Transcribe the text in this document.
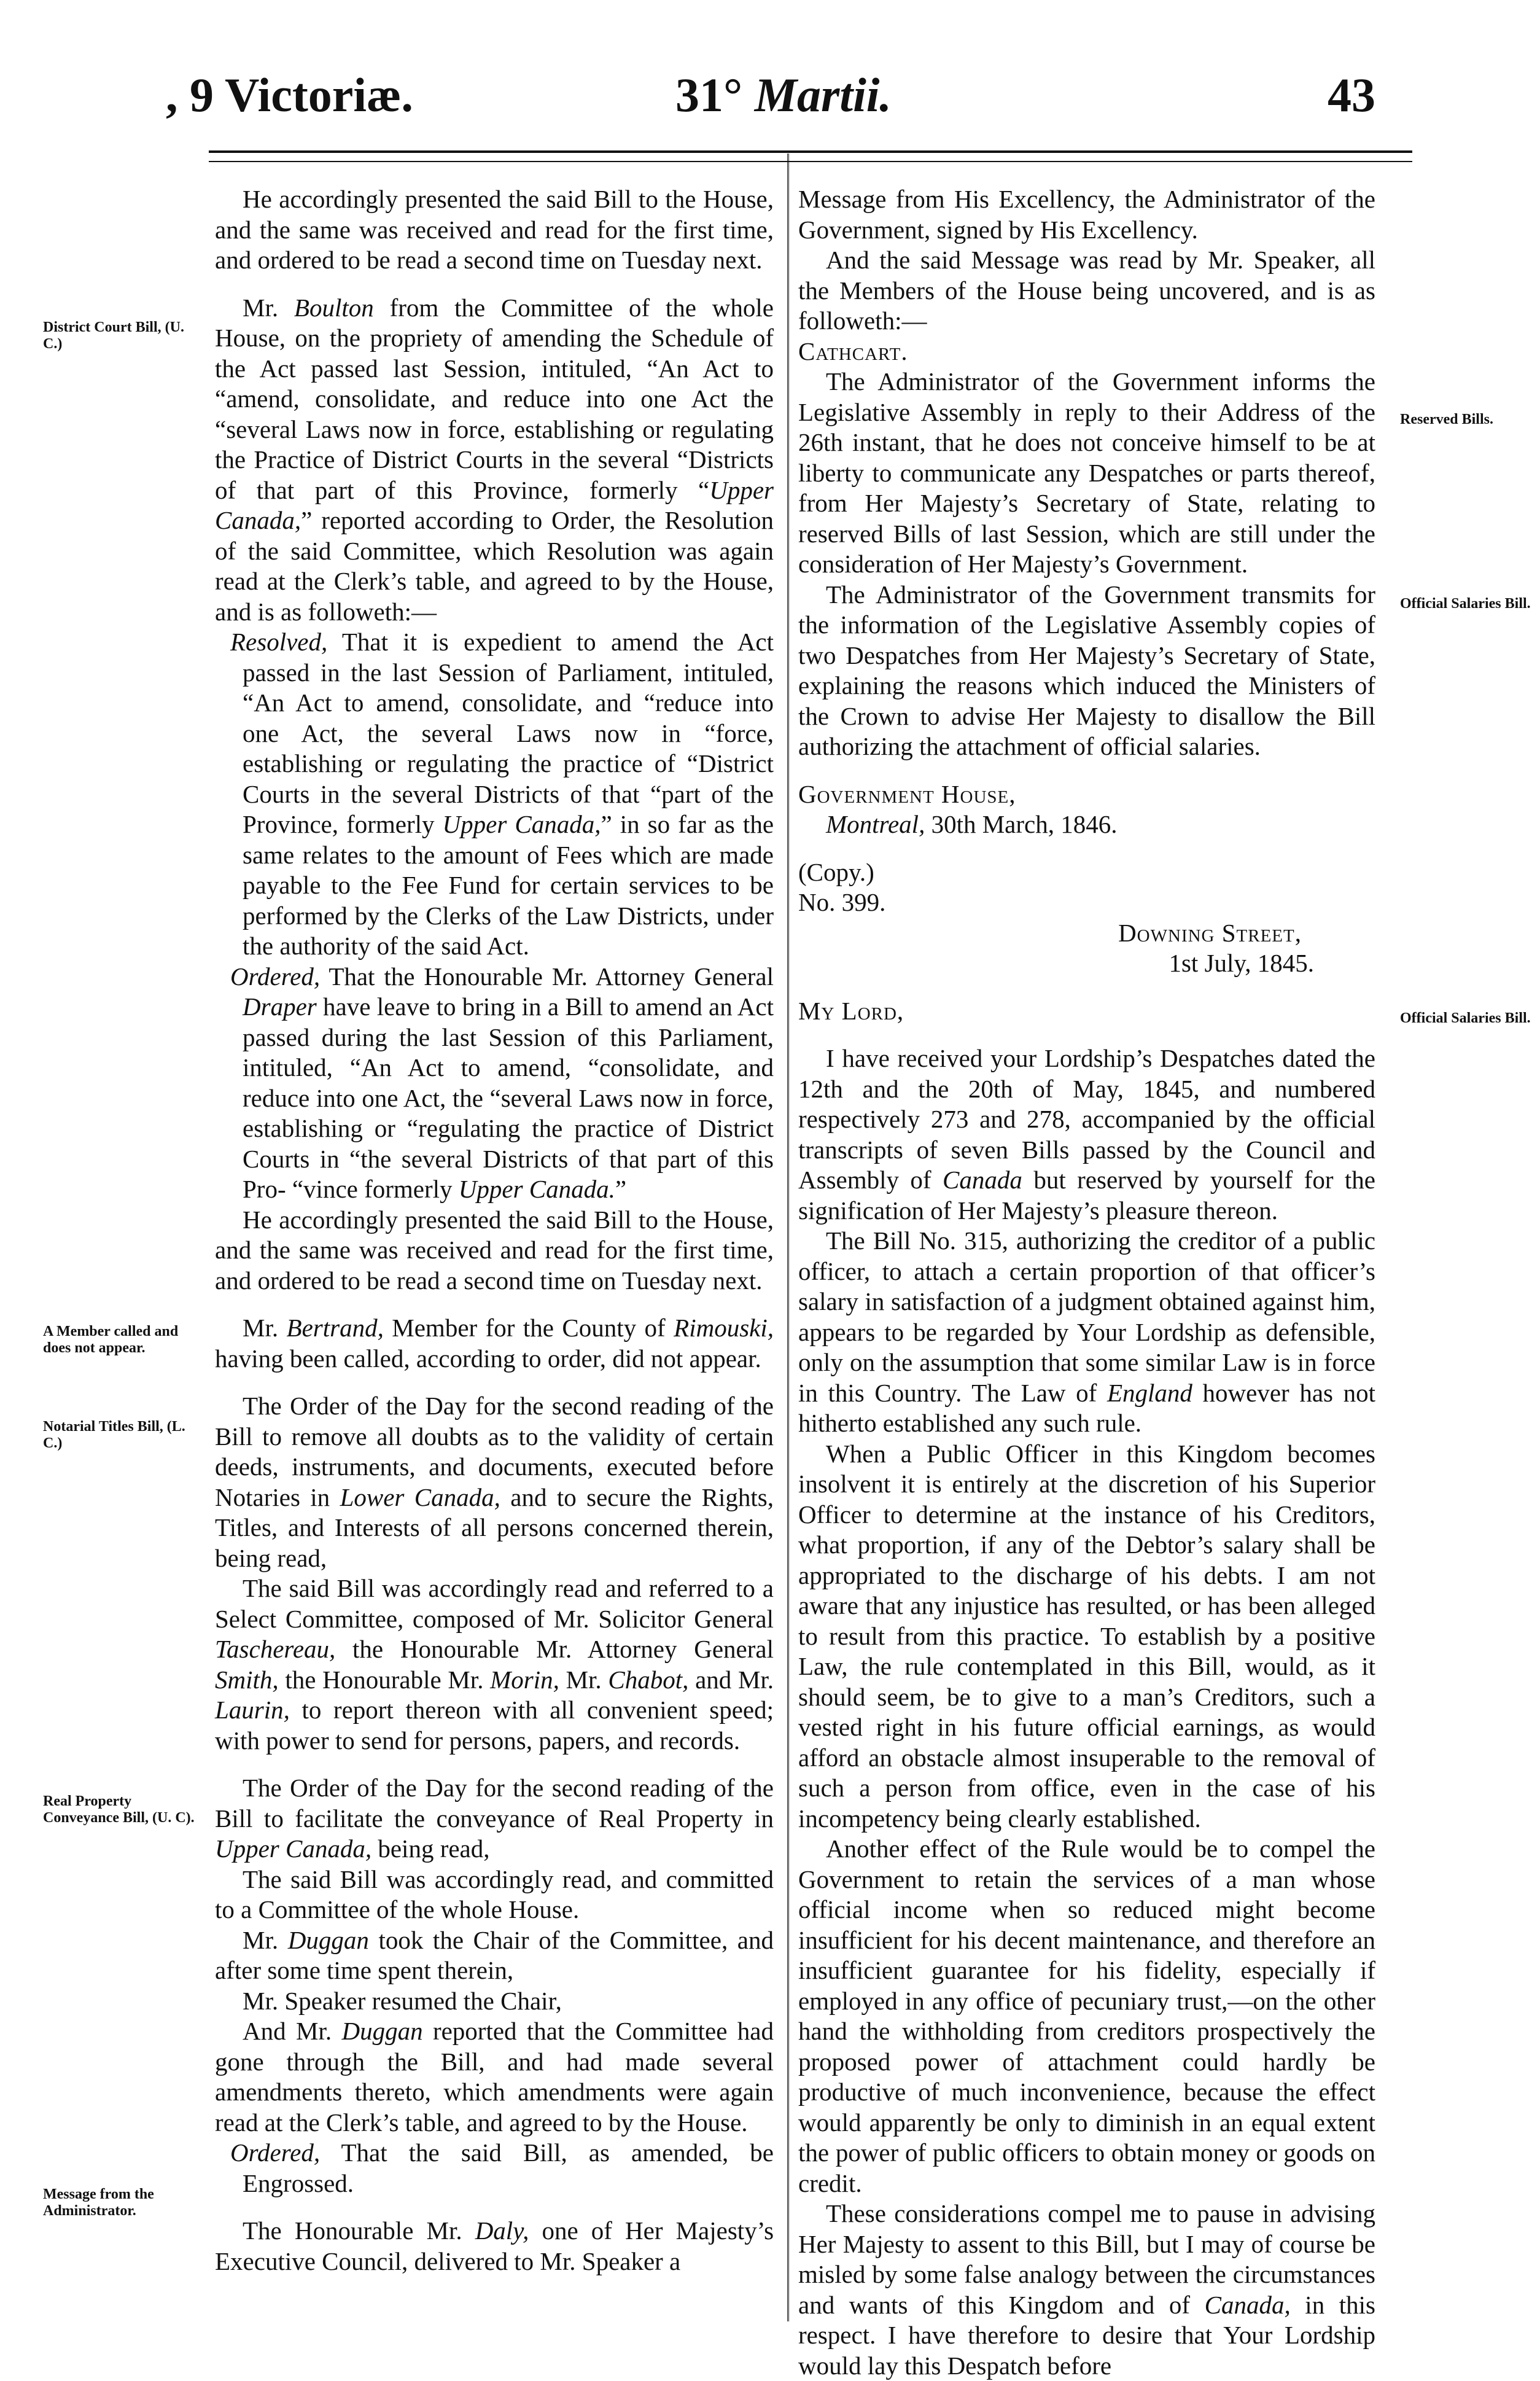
, 9 Victoriæ.	31° Martii.	43
District Court Bill, (U. C.)
A Member called and does not appear.
Notarial Titles Bill, (L. C.)
Real Property Conveyance Bill, (U. C).
Message from the Administrator.
Reserved Bills.
Official Salaries Bill.
Official Salaries Bill.

He accordingly presented the said Bill to the House, and the same was received and read for the first time, and ordered to be read a second time on Tuesday next.

Mr. Boulton from the Committee of the whole House, on the propriety of amending the Schedule of the Act passed last Session, intituled, “An Act to “amend, consolidate, and reduce into one Act the “several Laws now in force, establishing or regulating the Practice of District Courts in the several “Districts of that part of this Province, formerly “Upper Canada,” reported according to Order, the Resolution of the said Committee, which Resolution was again read at the Clerk’s table, and agreed to by the House, and is as followeth:—

Resolved, That it is expedient to amend the Act passed in the last Session of Parliament, intituled, “An Act to amend, consolidate, and “reduce into one Act, the several Laws now in “force, establishing or regulating the practice of “District Courts in the several Districts of that “part of the Province, formerly Upper Canada,” in so far as the same relates to the amount of Fees which are made payable to the Fee Fund for certain services to be performed by the Clerks of the Law Districts, under the authority of the said Act.

Ordered, That the Honourable Mr. Attorney General Draper have leave to bring in a Bill to amend an Act passed during the last Session of this Parliament, intituled, “An Act to amend, “consolidate, and reduce into one Act, the “several Laws now in force, establishing or “regulating the practice of District Courts in “the several Districts of that part of this Pro- “vince formerly Upper Canada.”

He accordingly presented the said Bill to the House, and the same was received and read for the first time, and ordered to be read a second time on Tuesday next.

Mr. Bertrand, Member for the County of Rimouski, having been called, according to order, did not appear.

The Order of the Day for the second reading of the Bill to remove all doubts as to the validity of certain deeds, instruments, and documents, executed before Notaries in Lower Canada, and to secure the Rights, Titles, and Interests of all persons concerned therein, being read,

The said Bill was accordingly read and referred to a Select Committee, composed of Mr. Solicitor General Taschereau, the Honourable Mr. Attorney General Smith, the Honourable Mr. Morin, Mr. Chabot, and Mr. Laurin, to report thereon with all convenient speed; with power to send for persons, papers, and records.

The Order of the Day for the second reading of the Bill to facilitate the conveyance of Real Property in Upper Canada, being read,

The said Bill was accordingly read, and committed to a Committee of the whole House.

Mr. Duggan took the Chair of the Committee, and after some time spent therein,

Mr. Speaker resumed the Chair,

And Mr. Duggan reported that the Committee had gone through the Bill, and had made several amendments thereto, which amendments were again read at the Clerk’s table, and agreed to by the House.

Ordered, That the said Bill, as amended, be Engrossed.

The Honourable Mr. Daly, one of Her Majesty’s Executive Council, delivered to Mr. Speaker a

Message from His Excellency, the Administrator of the Government, signed by His Excellency.

And the said Message was read by Mr. Speaker, all the Members of the House being uncovered, and is as followeth:—

Cathcart.

The Administrator of the Government informs the Legislative Assembly in reply to their Address of the 26th instant, that he does not conceive himself to be at liberty to communicate any Despatches or parts thereof, from Her Majesty’s Secretary of State, relating to reserved Bills of last Session, which are still under the consideration of Her Majesty’s Government.

The Administrator of the Government transmits for the information of the Legislative Assembly copies of two Despatches from Her Majesty’s Secretary of State, explaining the reasons which induced the Ministers of the Crown to advise Her Majesty to disallow the Bill authorizing the attachment of official salaries.

Government House,

Montreal, 30th March, 1846.

(Copy.)

No. 399.

Downing Street,

1st July, 1845.

My Lord,

I have received your Lordship’s Despatches dated the 12th and the 20th of May, 1845, and numbered respectively 273 and 278, accompanied by the official transcripts of seven Bills passed by the Council and Assembly of Canada but reserved by yourself for the signification of Her Majesty’s pleasure thereon.

The Bill No. 315, authorizing the creditor of a public officer, to attach a certain proportion of that officer’s salary in satisfaction of a judgment obtained against him, appears to be regarded by Your Lordship as defensible, only on the assumption that some similar Law is in force in this Country. The Law of England however has not hitherto established any such rule.

When a Public Officer in this Kingdom becomes insolvent it is entirely at the discretion of his Superior Officer to determine at the instance of his Creditors, what proportion, if any of the Debtor’s salary shall be appropriated to the discharge of his debts. I am not aware that any injustice has resulted, or has been alleged to result from this practice. To establish by a positive Law, the rule contemplated in this Bill, would, as it should seem, be to give to a man’s Creditors, such a vested right in his future official earnings, as would afford an obstacle almost insuperable to the removal of such a person from office, even in the case of his incompetency being clearly established.

Another effect of the Rule would be to compel the Government to retain the services of a man whose official income when so reduced might become insufficient for his decent maintenance, and therefore an insufficient guarantee for his fidelity, especially if employed in any office of pecuniary trust,—on the other hand the withholding from creditors prospectively the proposed power of attachment could hardly be productive of much inconvenience, because the effect would apparently be only to diminish in an equal extent the power of public officers to obtain money or goods on credit.

These considerations compel me to pause in advising Her Majesty to assent to this Bill, but I may of course be misled by some false analogy between the circumstances and wants of this Kingdom and of Canada, in this respect. I have therefore to desire that Your Lordship would lay this Despatch before
